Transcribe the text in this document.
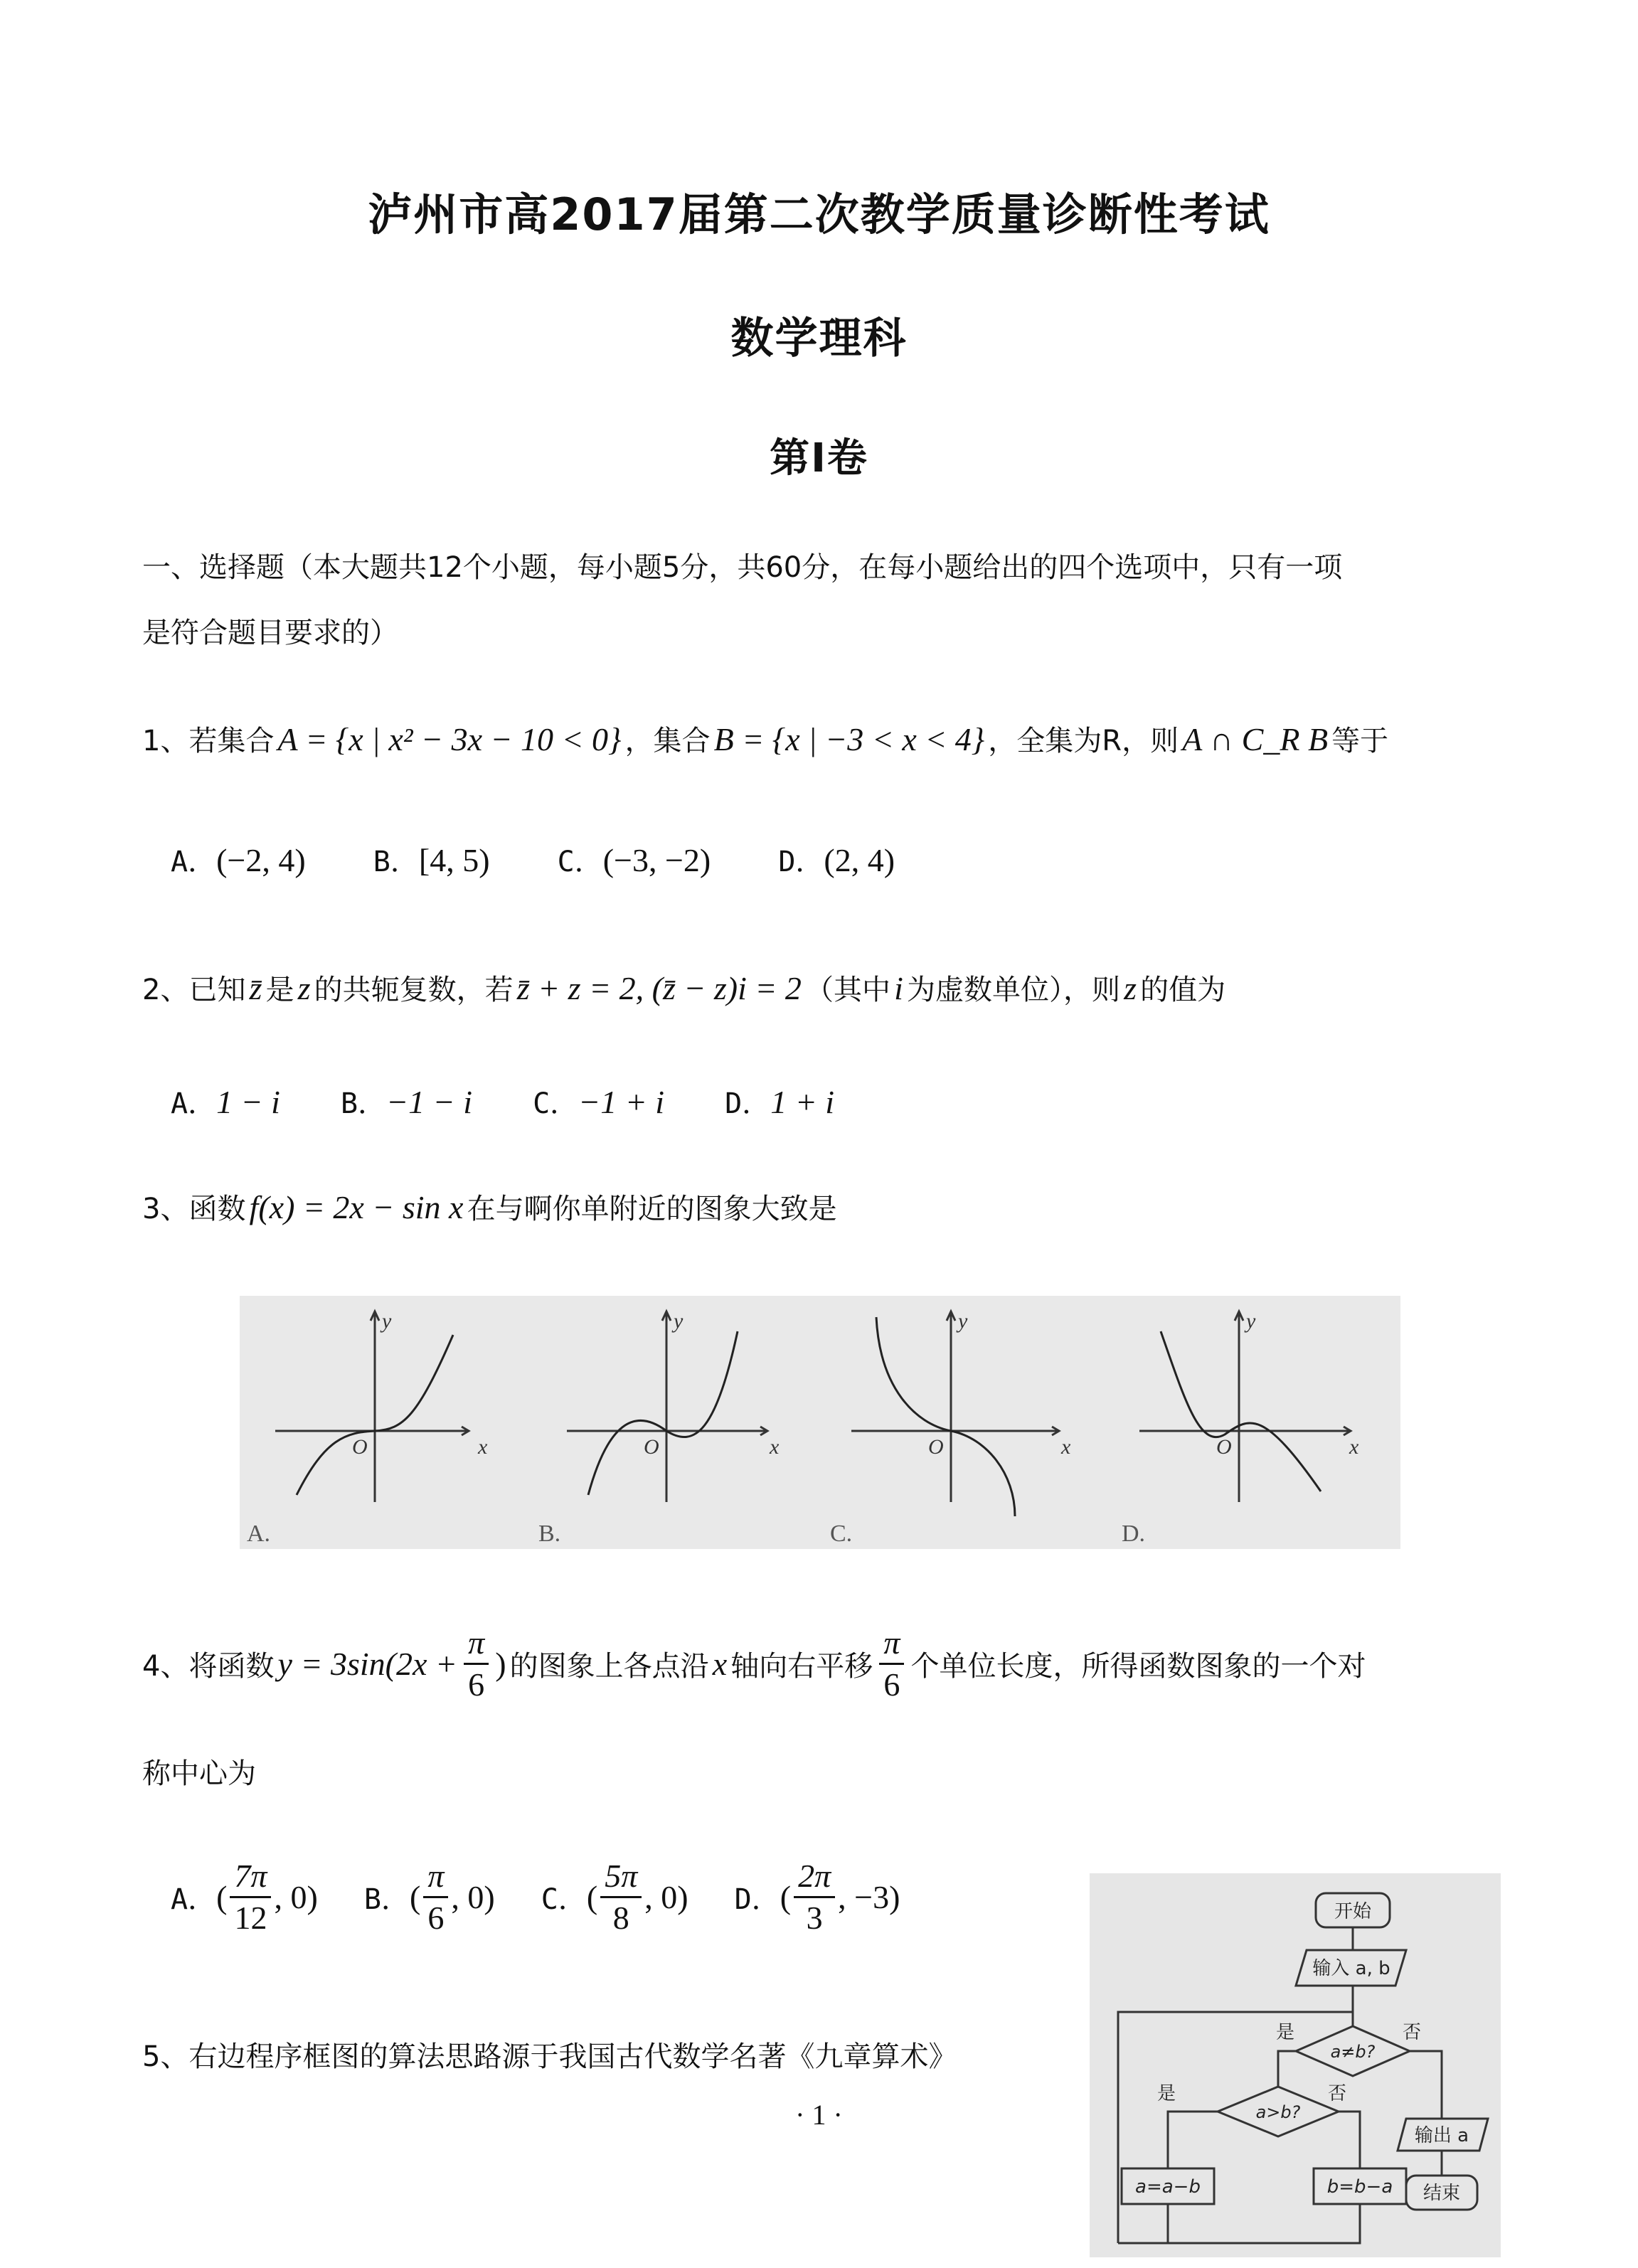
泸州市高2017届第二次教学质量诊断性考试
数学理科
第Ⅰ卷
一、选择题（本大题共12个小题，每小题5分，共60分，在每小题给出的四个选项中，只有一项
是符合题目要求的）
1、若集合 A = {x | x² − 3x − 10 < 0} ，集合 B = {x | −3 < x < 4} ，全集为R，则 A ∩ C_R B 等于
A．(−2, 4) B．[4, 5) C．(−3, −2) D．(2, 4)
2、已知 z̄ 是 z 的共轭复数，若 z̄ + z = 2, (z̄ − z)i = 2 （其中 i 为虚数单位），则 z 的值为
A．1 − i B．−1 − i C．−1 + i D．1 + i
3、函数 f(x) = 2x − sin x 在与啊你单附近的图象大致是
y
x
O
y
x
O
y
x
O
y
x
O
A.	B.	C.	D.
4、将函数 $y = 3\sin(2x + \frac{\pi}{6}$ ) 的图象上各点沿 x 轴向右平移 $\frac{\pi}{6}$ 个单位长度，所得函数图象的一个对
称中心为
A．( $\frac{7\pi}{12}$ , 0) B．( $\frac{\pi}{6}$ , 0) C．( $\frac{5\pi}{8}$ , 0) D．( $\frac{2\pi}{3}$ , −3)
5、右边程序框图的算法思路源于我国古代数学名著《九章算术》
开始
输入 a, b
a≠b?
a>b?
是	否
是	否
a=a−b	b=b−a
输出 a
结束
· 1 ·
